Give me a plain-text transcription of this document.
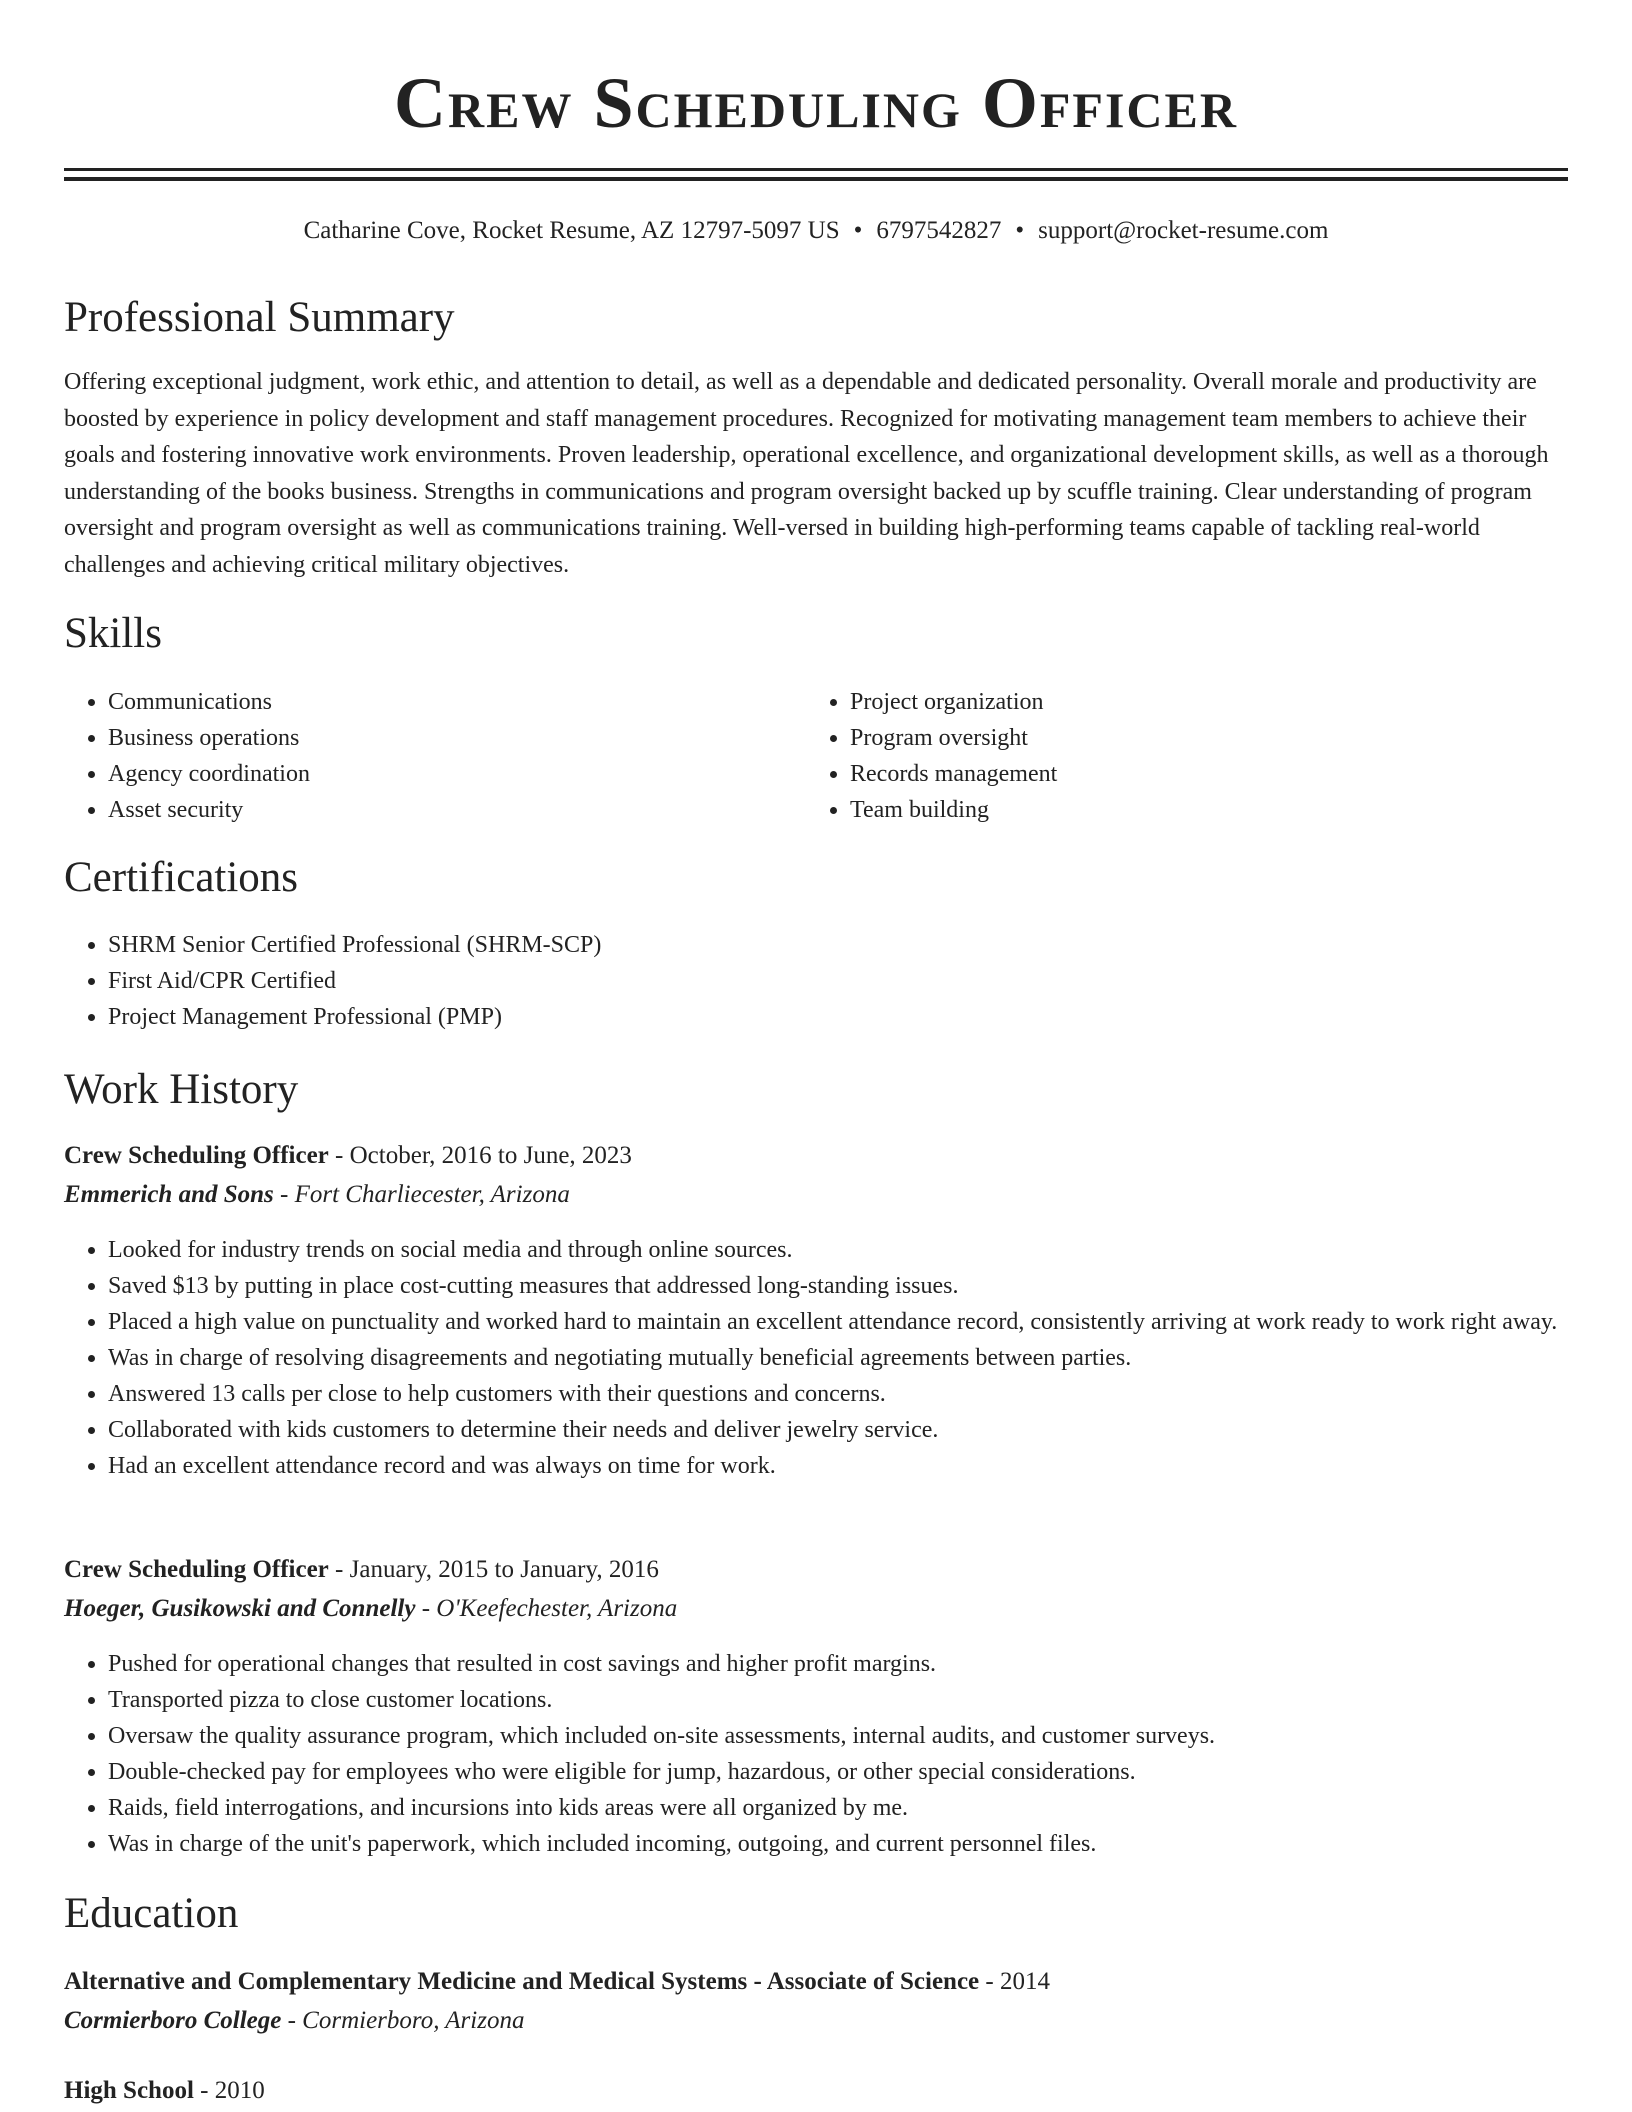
Crew Scheduling Officer
Catharine Cove, Rocket Resume, AZ 12797-5097 US • 6797542827 • support@rocket-resume.com
Professional Summary

Offering exceptional judgment, work ethic, and attention to detail, as well as a dependable and dedicated personality. Overall morale and productivity are boosted by experience in policy development and staff management procedures. Recognized for motivating management team members to achieve their goals and fostering innovative work environments. Proven leadership, operational excellence, and organizational development skills, as well as a thorough understanding of the books business. Strengths in communications and program oversight backed up by scuffle training. Clear understanding of program oversight and program oversight as well as communications training. Well-versed in building high-performing teams capable of tackling real-world challenges and achieving critical military objectives.

Skills
• Communications
• Business operations
• Agency coordination
• Asset security
• Project organization
• Program oversight
• Records management
• Team building
Certifications
• SHRM Senior Certified Professional (SHRM-SCP)
• First Aid/CPR Certified
• Project Management Professional (PMP)
Work History
Crew Scheduling Officer - October, 2016 to June, 2023
Emmerich and Sons - Fort Charliecester, Arizona
• Looked for industry trends on social media and through online sources.
• Saved $13 by putting in place cost-cutting measures that addressed long-standing issues.
• Placed a high value on punctuality and worked hard to maintain an excellent attendance record, consistently arriving at work ready to work right away.
• Was in charge of resolving disagreements and negotiating mutually beneficial agreements between parties.
• Answered 13 calls per close to help customers with their questions and concerns.
• Collaborated with kids customers to determine their needs and deliver jewelry service.
• Had an excellent attendance record and was always on time for work.
Crew Scheduling Officer - January, 2015 to January, 2016
Hoeger, Gusikowski and Connelly - O'Keefechester, Arizona
• Pushed for operational changes that resulted in cost savings and higher profit margins.
• Transported pizza to close customer locations.
• Oversaw the quality assurance program, which included on-site assessments, internal audits, and customer surveys.
• Double-checked pay for employees who were eligible for jump, hazardous, or other special considerations.
• Raids, field interrogations, and incursions into kids areas were all organized by me.
• Was in charge of the unit's paperwork, which included incoming, outgoing, and current personnel files.
Education
Alternative and Complementary Medicine and Medical Systems - Associate of Science - 2014
Cormierboro College - Cormierboro, Arizona
High School - 2010
